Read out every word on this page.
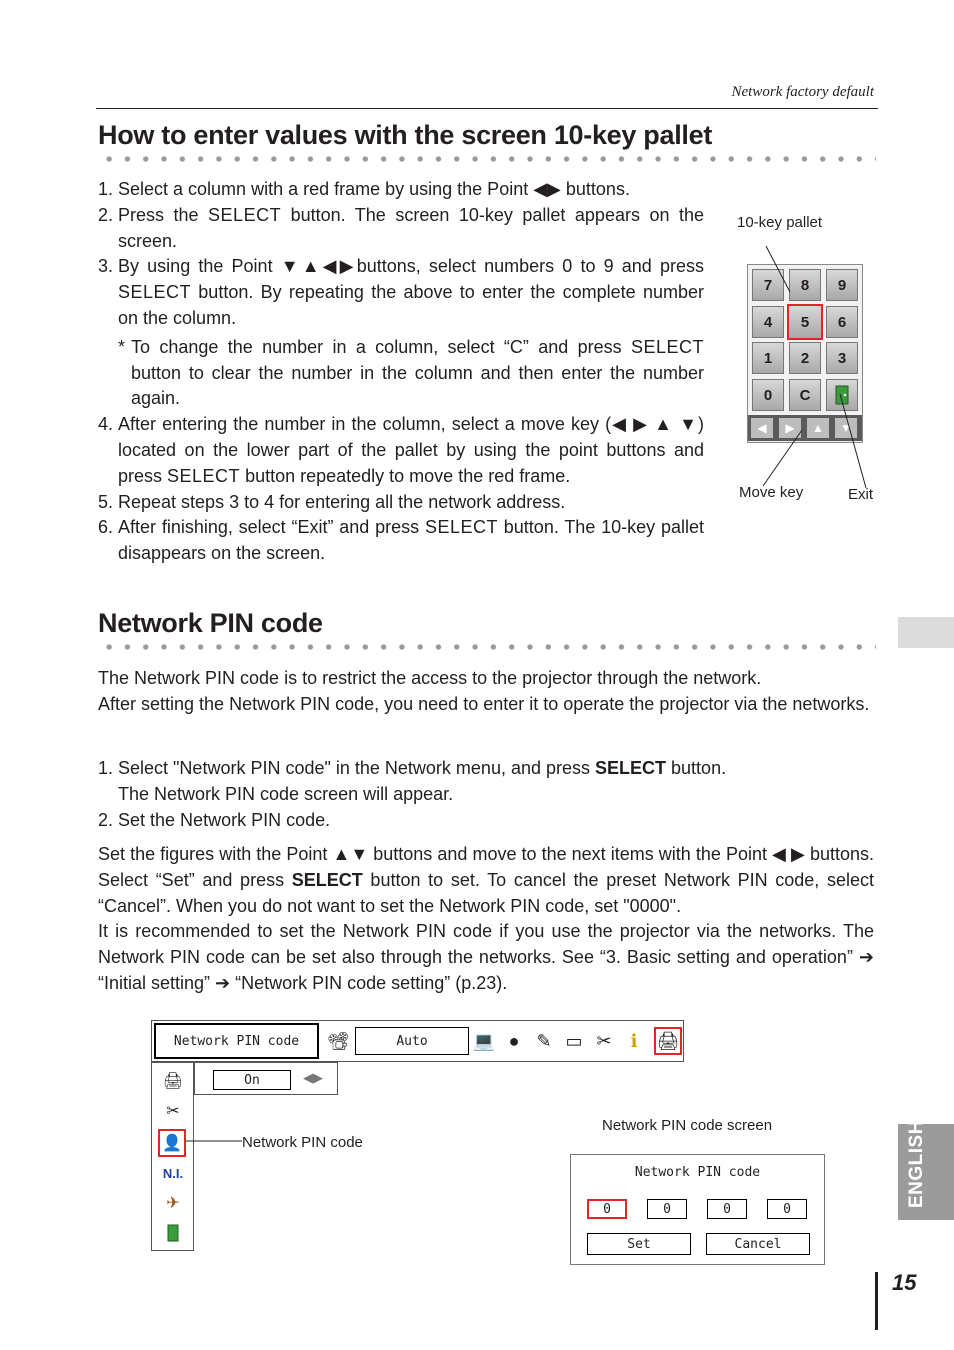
Network factory default
How to enter values with the screen 10-key pallet
1. Select a column with a red frame by using the Point ◀▶ buttons.
2. Press the SELECT button. The screen 10-key pallet appears on the screen.
3. By using the Point ▼▲◀▶buttons, select numbers 0 to 9 and press SELECT button. By repeating the above to enter the complete number on the column.
* To change the number in a column, select “C” and press SELECT button to clear the number in the column and then enter the number again.
4. After entering the number in the column, select a move key (◀ ▶ ▲ ▼) located on the lower part of the pallet by using the point buttons and press SELECT button repeatedly to move the red frame.
5. Repeat steps 3 to 4 for entering all the network address.
6. After finishing, select “Exit” and press SELECT button. The 10-key pallet disappears on the screen.
10-key pallet
7	8	9
4	5	6
1	2	3
0	C
◀	▶	▲	▼
Move key	Exit
Network PIN code
The Network PIN code is to restrict the access to the projector through the network.
After setting the Network PIN code, you need to enter it to operate the projector via the networks.
1. Select "Network PIN code" in the Network menu, and press SELECT button.
The Network PIN code screen will appear.
2. Set the Network PIN code.
Set the figures with the Point ▲▼ buttons and move to the next items with the Point ◀ ▶ buttons. Select “Set” and press SELECT button to set. To cancel the preset Network PIN code, select “Cancel”. When you do not want to set the Network PIN code, set "0000".
It is recommended to set the Network PIN code if you use the projector via the networks. The Network PIN code can be set also through the networks. See “3. Basic setting and operation” ➔ “Initial setting” ➔ “Network PIN code setting” (p.23).
Network PIN code	📽	Auto	💻 ● ✎ ▭ ✂	ℹ	🖨
🖨
✂
👤
N.I.
✈
On	◀▶
Network PIN code
Network PIN code screen
Network PIN code
0	0	0	0
Set	Cancel
ENGLISH
15
